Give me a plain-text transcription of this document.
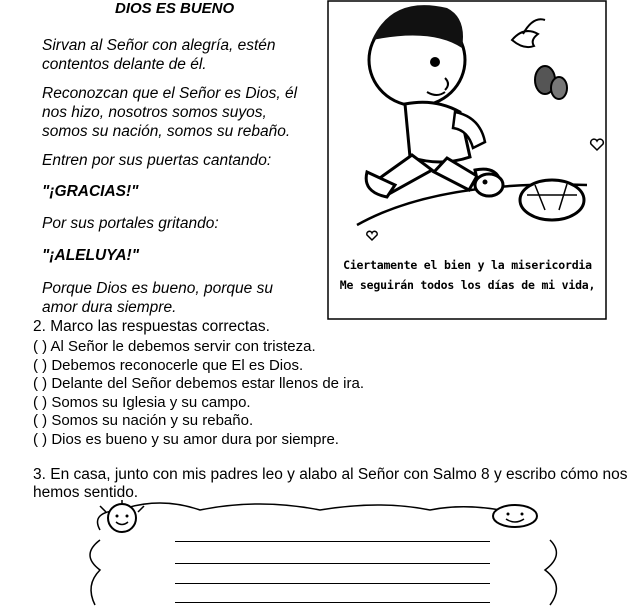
DIOS ES BUENO
Sirvan al Señor con alegría, estén
contentos delante de él.
Reconozcan que el Señor es Dios, él
nos hizo, nosotros somos suyos,
somos su nación, somos su rebaño.
Entren por sus puertas cantando:
"¡GRACIAS!"
Por sus portales gritando:
"¡ALELUYA!"
Porque Dios es bueno, porque su
amor dura siempre.
Ciertamente el bien y la misericordia
Me seguirán todos los días de mi vida,
2. Marco las respuestas correctas.
( ) Al Señor le debemos servir con tristeza.
( ) Debemos reconocerle que El es Dios.
( ) Delante del Señor debemos estar llenos de ira.
( ) Somos su Iglesia y su campo.
( ) Somos su nación y su rebaño.
( ) Dios es bueno y su amor dura por siempre.
3. En casa, junto con mis padres leo y alabo al Señor con Salmo 8 y escribo cómo nos hemos sentido.
